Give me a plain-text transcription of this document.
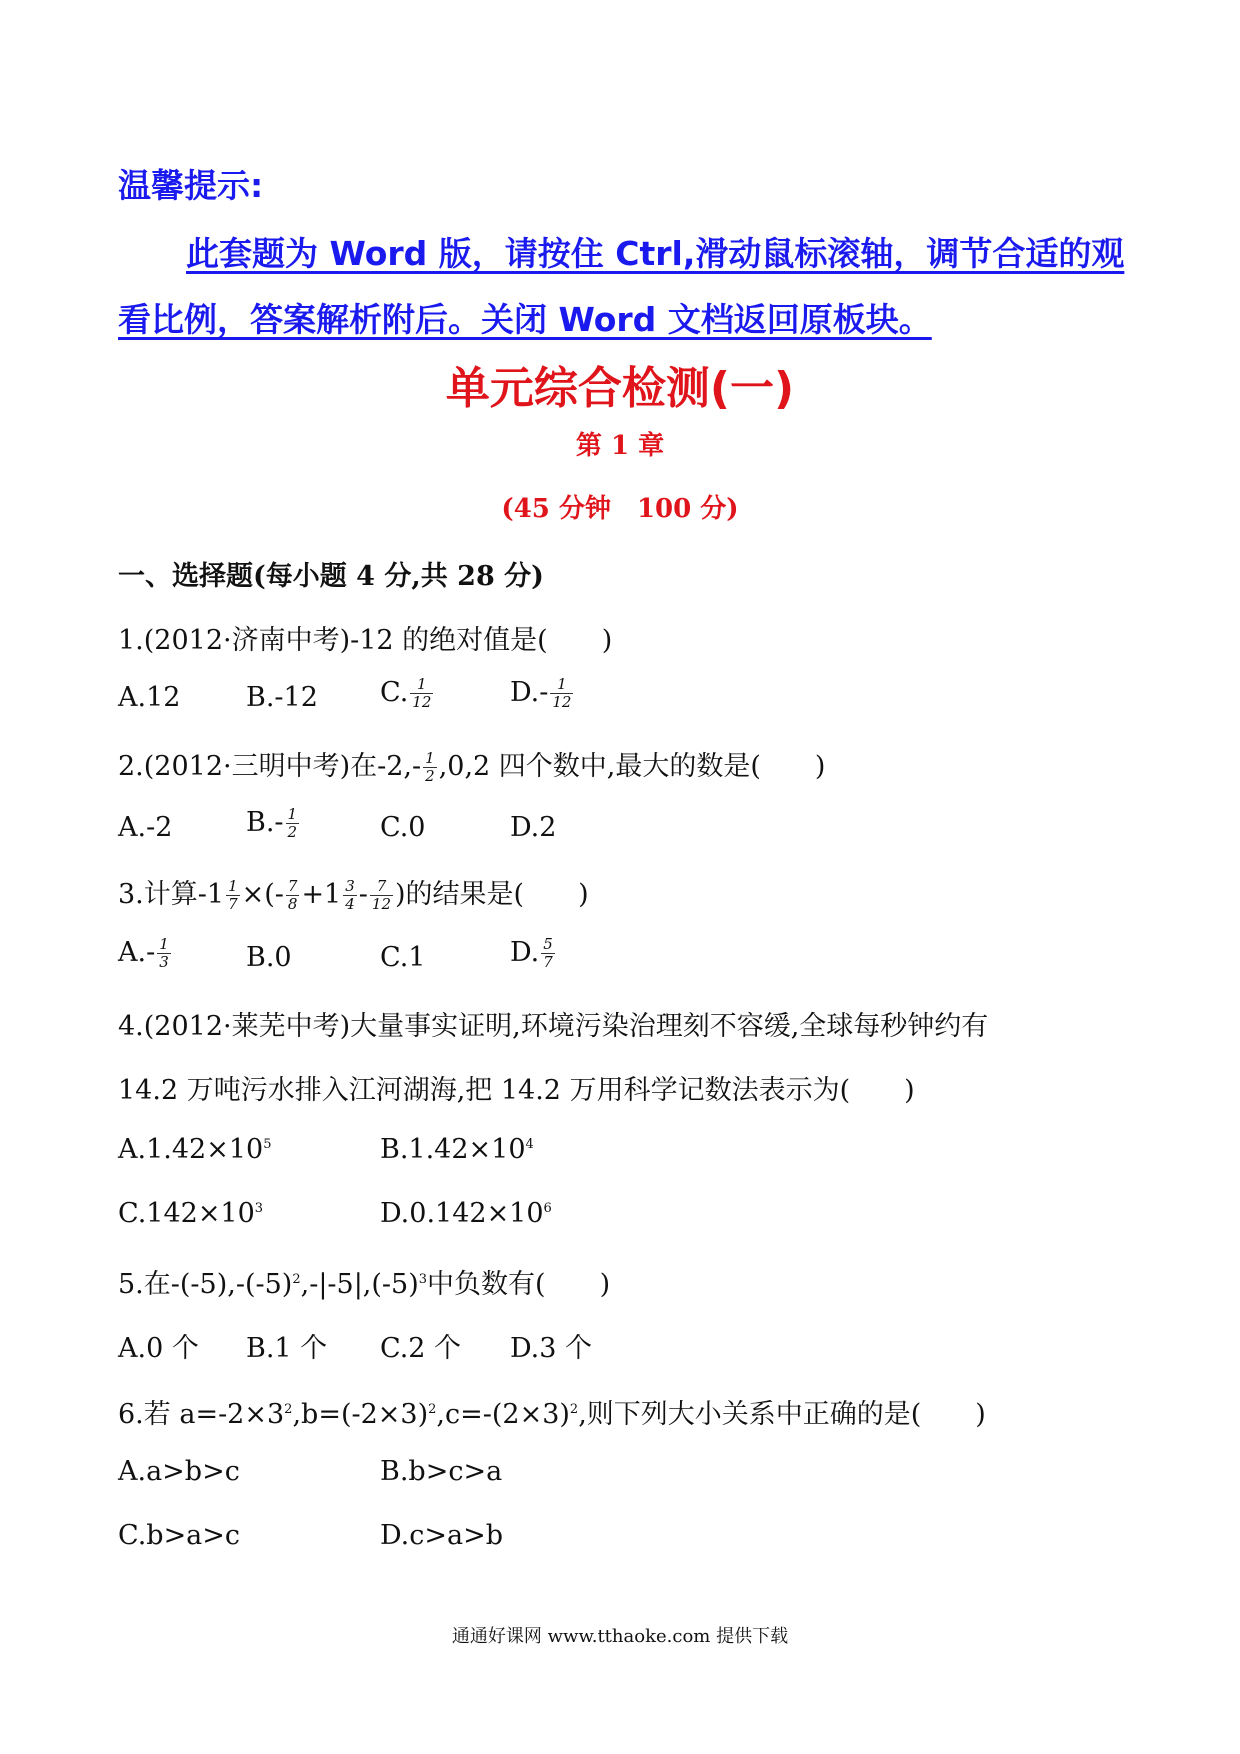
温馨提示:
此套题为 Word 版，请按住 Ctrl,滑动鼠标滚轴，调节合适的观
看比例，答案解析附后。关闭 Word 文档返回原板块。
单元综合检测(一)
第 1 章
(45 分钟　100 分)
一、选择题(每小题 4 分,共 28 分)
1.(2012·济南中考)-12 的绝对值是(　　)
A.12 B.-12 C. $\frac{1}{12}$	$D.- \frac{1}{12}$
2.(2012·三明中考)在$-2,- \frac{1}{2} ,0,2$ 四个数中,最大的数是(　　)
A.-2	$B.- \frac{1}{2}$	C.0	D.2
3.计算$-1 \frac{1}{7}$ ×(- $\frac{7}{8} +1 \frac{3}{4} - \frac{7}{12}$ )的结果是(　　)
$A.- \frac{1}{3}$	B.0	C.1	D. $\frac{5}{7}$
4.(2012·莱芜中考)大量事实证明,环境污染治理刻不容缓,全球每秒钟约有
14.2 万吨污水排入江河湖海,把 14.2 万用科学记数法表示为(　　)
$A.1.42\times 10^5$	$B.1.42\times 10^4$
$C.142\times 10^3$	$D.0.142\times 10^6$
5.在$-(-5),-(-5)^2,-|-5|,(-5)^3$中负数有(　　)
A.0 个 B.1 个 C.2 个 D.3 个
6.若 $a=-2\times 3^2,b=(-2\times 3)^2,c=-(2\times 3)^2$,则下列大小关系中正确的是(　　)
A.a>b>c	B.b>c>a
C.b>a>c	D.c>a>b
通通好课网 www.tthaoke.com 提供下载
